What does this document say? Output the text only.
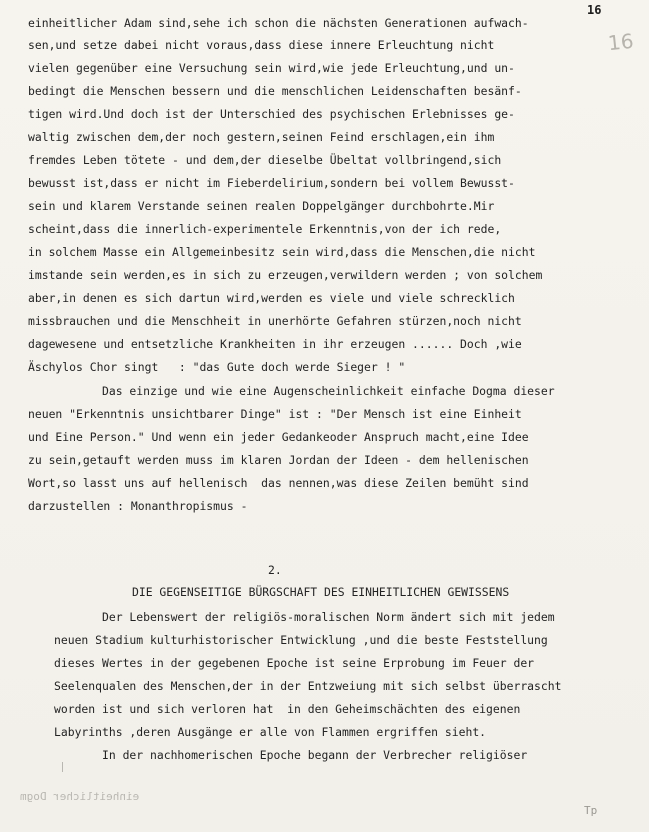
16
16
einheitlicher Adam sind,sehe ich schon die nächsten Generationen aufwach-
sen,und setze dabei nicht voraus,dass diese innere Erleuchtung nicht
vielen gegenüber eine Versuchung sein wird,wie jede Erleuchtung,und un-
bedingt die Menschen bessern und die menschlichen Leidenschaften besänf-
tigen wird.Und doch ist der Unterschied des psychischen Erlebnisses ge-
waltig zwischen dem,der noch gestern,seinen Feind erschlagen,ein ihm
fremdes Leben tötete - und dem,der dieselbe Übeltat vollbringend,sich
bewusst ist,dass er nicht im Fieberdelirium,sondern bei vollem Bewusst-
sein und klarem Verstande seinen realen Doppelgänger durchbohrte.Mir
scheint,dass die innerlich-experimentele Erkenntnis,von der ich rede,
in solchem Masse ein Allgemeinbesitz sein wird,dass die Menschen,die nicht
imstande sein werden,es in sich zu erzeugen,verwildern werden ; von solchem
aber,in denen es sich dartun wird,werden es viele und viele schrecklich
missbrauchen und die Menschheit in unerhörte Gefahren stürzen,noch nicht
dagewesene und entsetzliche Krankheiten in ihr erzeugen ...... Doch ,wie
Äschylos Chor singt   : "das Gute doch werde Sieger ! "
Das einzige und wie eine Augenscheinlichkeit einfache Dogma dieser
neuen "Erkenntnis unsichtbarer Dinge" ist : "Der Mensch ist eine Einheit
und Eine Person." Und wenn ein jeder Gedankeoder Anspruch macht,eine Idee
zu sein,getauft werden muss im klaren Jordan der Ideen - dem hellenischen
Wort,so lasst uns auf hellenisch  das nennen,was diese Zeilen bemüht sind
darzustellen : Monanthropismus -
2.
DIE GEGENSEITIGE BÜRGSCHAFT DES EINHEITLICHEN GEWISSENS
Der Lebenswert der religiös-moralischen Norm ändert sich mit jedem
neuen Stadium kulturhistorischer Entwicklung ,und die beste Feststellung
dieses Wertes in der gegebenen Epoche ist seine Erprobung im Feuer der
Seelenqualen des Menschen,der in der Entzweiung mit sich selbst überrascht
worden ist und sich verloren hat  in den Geheimschächten des eigenen
Labyrinths ,deren Ausgänge er alle von Flammen ergriffen sieht.
In der nachhomerischen Epoche begann der Verbrecher religiöser
einheitlicher Dogm
Tp
